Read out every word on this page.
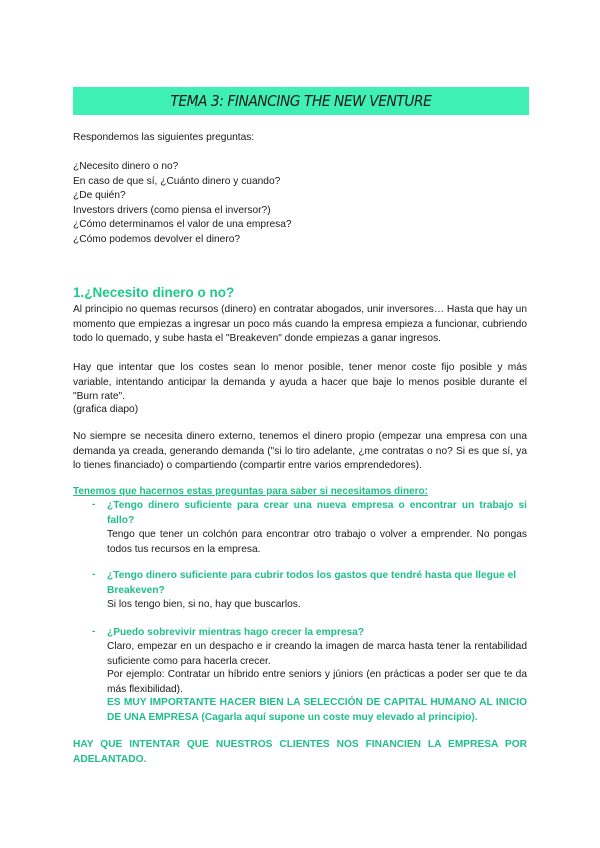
TEMA 3: FINANCING THE NEW VENTURE
Respondemos las siguientes preguntas:
¿Necesito dinero o no?
En caso de que sí, ¿Cuánto dinero y cuando?
¿De quién?
Investors drivers (como piensa el inversor?)
¿Cómo determinamos el valor de una empresa?
¿Cómo podemos devolver el dinero?
1.¿Necesito dinero o no?
Al principio no quemas recursos (dinero) en contratar abogados, unir inversores… Hasta que hay un momento que empiezas a ingresar un poco más cuando la empresa empieza a funcionar, cubriendo todo lo quemado, y sube hasta el "Breakeven" donde empiezas a ganar ingresos.
Hay que intentar que los costes sean lo menor posible, tener menor coste fijo posible y más variable, intentando anticipar la demanda y ayuda a hacer que baje lo menos posible durante el "Burn rate".
(grafica diapo)
No siempre se necesita dinero externo, tenemos el dinero propio (empezar una empresa con una demanda ya creada, generando demanda ("si lo tiro adelante, ¿me contratas o no? Si es que sí, ya lo tienes financiado) o compartiendo (compartir entre varios emprendedores).
Tenemos que hacernos estas preguntas para saber si necesitamos dinero:
- ¿Tengo dinero suficiente para crear una nueva empresa o encontrar un trabajo si fallo?
Tengo que tener un colchón para encontrar otro trabajo o volver a emprender. No pongas todos tus recursos en la empresa.
- ¿Tengo dinero suficiente para cubrir todos los gastos que tendré hasta que llegue el Breakeven?
Si los tengo bien, si no, hay que buscarlos.
- ¿Puedo sobrevivir mientras hago crecer la empresa?
Claro, empezar en un despacho e ir creando la imagen de marca hasta tener la rentabilidad suficiente como para hacerla crecer.
Por ejemplo: Contratar un híbrido entre seniors y júniors (en prácticas a poder ser que te da más flexibilidad).
ES MUY IMPORTANTE HACER BIEN LA SELECCIÓN DE CAPITAL HUMANO AL INICIO DE UNA EMPRESA (Cagarla aquí supone un coste muy elevado al principio).
HAY QUE INTENTAR QUE NUESTROS CLIENTES NOS FINANCIEN LA EMPRESA POR ADELANTADO.
